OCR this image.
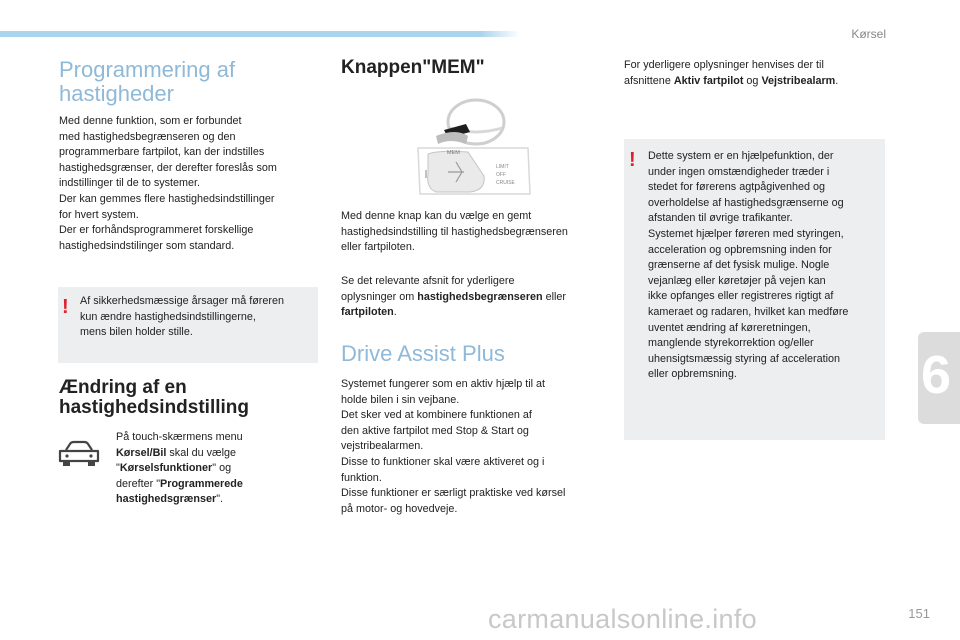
Kørsel
Programmering af
hastigheder

Med denne funktion, som er forbundet

med hastighedsbegrænseren og den

programmerbare fartpilot, kan der indstilles

hastighedsgrænser, der derefter foreslås som

indstillinger til de to systemer.

Der kan gemmes flere hastighedsindstillinger

for hvert system.

Der er forhåndsprogrammeret forskellige

hastighedsindstilinger som standard.

! Af sikkerhedsmæssige årsager må føreren

kun ændre hastighedsindstillingerne,

mens bilen holder stille.

Ændring af en
hastighedsindstilling

På touch-skærmens menu

Kørsel/Bil skal du vælge

"Kørselsfunktioner" og

derefter "Programmerede

hastighedsgrænser".

Knappen"MEM"
MEM
LIMIT
OFF
CRUISE

Med denne knap kan du vælge en gemt

hastighedsindstilling til hastighedsbegrænseren

eller fartpiloten.

Se det relevante afsnit for yderligere

oplysninger om hastighedsbegrænseren eller

fartpiloten.

Drive Assist Plus

Systemet fungerer som en aktiv hjælp til at

holde bilen i sin vejbane.

Det sker ved at kombinere funktionen af

den aktive fartpilot med Stop & Start og

vejstribealarmen.

Disse to funktioner skal være aktiveret og i

funktion.

Disse funktioner er særligt praktiske ved kørsel

på motor- og hovedveje.

For yderligere oplysninger henvises der til

afsnittene Aktiv fartpilot og Vejstribealarm.

! Dette system er en hjælpefunktion, der

under ingen omstændigheder træder i

stedet for førerens agtpågivenhed og

overholdelse af hastighedsgrænserne og

afstanden til øvrige trafikanter.

Systemet hjælper føreren med styringen,

acceleration og opbremsning inden for

grænserne af det fysisk mulige. Nogle

vejanlæg eller køretøjer på vejen kan

ikke opfanges eller registreres rigtigt af

kameraet og radaren, hvilket kan medføre

uventet ændring af køreretningen,

manglende styrekorrektion og/eller

uhensigtsmæssig styring af acceleration

eller opbremsning.	6
carmanualsonline.info	151
